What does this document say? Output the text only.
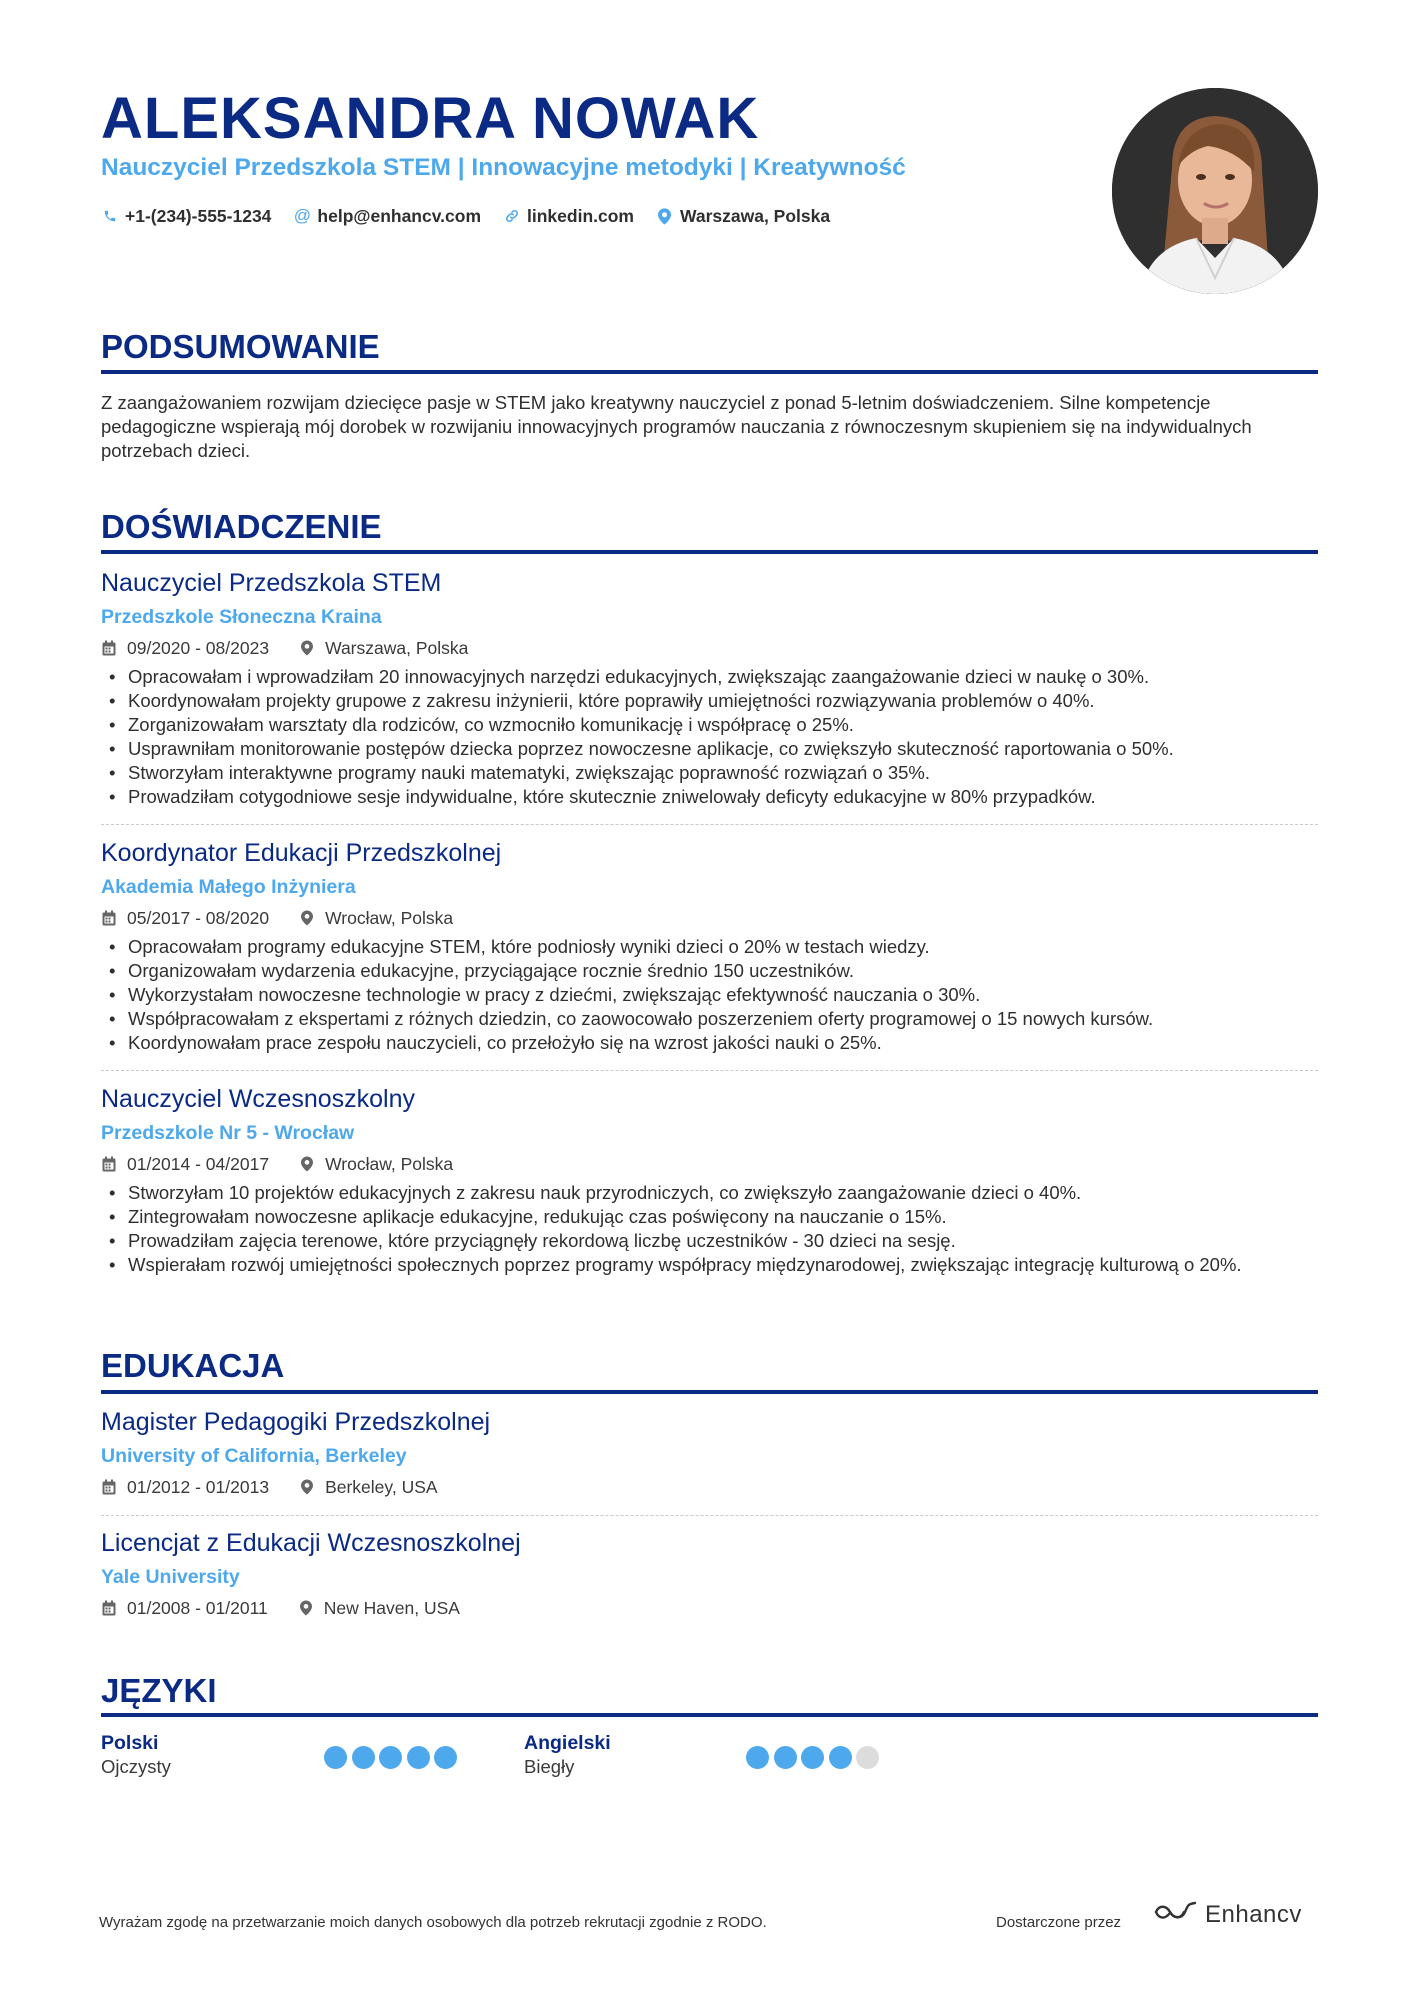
ALEKSANDRA NOWAK
Nauczyciel Przedszkola STEM | Innowacyjne metodyki | Kreatywność
+1-(234)-555-1234 @ help@enhancv.com	linkedin.com	Warszawa, Polska
PODSUMOWANIE
Z zaangażowaniem rozwijam dziecięce pasje w STEM jako kreatywny nauczyciel z ponad 5-letnim doświadczeniem. Silne kompetencje pedagogiczne wspierają mój dorobek w rozwijaniu innowacyjnych programów nauczania z równoczesnym skupieniem się na indywidualnych potrzebach dzieci.
DOŚWIADCZENIE
Nauczyciel Przedszkola STEM
Przedszkole Słoneczna Kraina
09/2020 - 08/2023	Warszawa, Polska
• Opracowałam i wprowadziłam 20 innowacyjnych narzędzi edukacyjnych, zwiększając zaangażowanie dzieci w naukę o 30%.
• Koordynowałam projekty grupowe z zakresu inżynierii, które poprawiły umiejętności rozwiązywania problemów o 40%.
• Zorganizowałam warsztaty dla rodziców, co wzmocniło komunikację i współpracę o 25%.
• Usprawniłam monitorowanie postępów dziecka poprzez nowoczesne aplikacje, co zwiększyło skuteczność raportowania o 50%.
• Stworzyłam interaktywne programy nauki matematyki, zwiększając poprawność rozwiązań o 35%.
• Prowadziłam cotygodniowe sesje indywidualne, które skutecznie zniwelowały deficyty edukacyjne w 80% przypadków.
Koordynator Edukacji Przedszkolnej
Akademia Małego Inżyniera
05/2017 - 08/2020	Wrocław, Polska
• Opracowałam programy edukacyjne STEM, które podniosły wyniki dzieci o 20% w testach wiedzy.
• Organizowałam wydarzenia edukacyjne, przyciągające rocznie średnio 150 uczestników.
• Wykorzystałam nowoczesne technologie w pracy z dziećmi, zwiększając efektywność nauczania o 30%.
• Współpracowałam z ekspertami z różnych dziedzin, co zaowocowało poszerzeniem oferty programowej o 15 nowych kursów.
• Koordynowałam prace zespołu nauczycieli, co przełożyło się na wzrost jakości nauki o 25%.
Nauczyciel Wczesnoszkolny
Przedszkole Nr 5 - Wrocław
01/2014 - 04/2017	Wrocław, Polska
• Stworzyłam 10 projektów edukacyjnych z zakresu nauk przyrodniczych, co zwiększyło zaangażowanie dzieci o 40%.
• Zintegrowałam nowoczesne aplikacje edukacyjne, redukując czas poświęcony na nauczanie o 15%.
• Prowadziłam zajęcia terenowe, które przyciągnęły rekordową liczbę uczestników - 30 dzieci na sesję.
• Wspierałam rozwój umiejętności społecznych poprzez programy współpracy międzynarodowej, zwiększając integrację kulturową o 20%.
EDUKACJA
Magister Pedagogiki Przedszkolnej
University of California, Berkeley
01/2012 - 01/2013	Berkeley, USA
Licencjat z Edukacji Wczesnoszkolnej
Yale University
01/2008 - 01/2011	New Haven, USA
JĘZYKI
Polski
Ojczysty
Angielski
Biegły
Wyrażam zgodę na przetwarzanie moich danych osobowych dla potrzeb rekrutacji zgodnie z RODO.	Dostarczone przez	Enhancv
